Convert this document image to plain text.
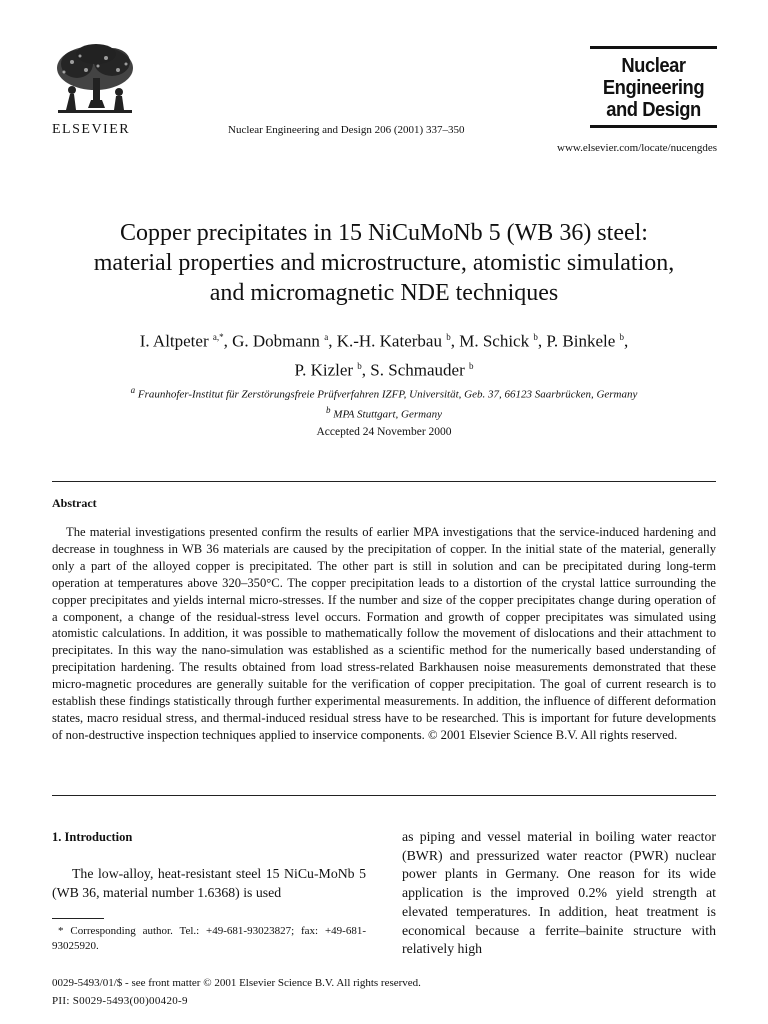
ELSEVIER	Nuclear Engineering and Design 206 (2001) 337–350
Nuclear
Engineering
and Design
www.elsevier.com/locate/nucengdes
Copper precipitates in 15 NiCuMoNb 5 (WB 36) steel:
material properties and microstructure, atomistic simulation,
and micromagnetic NDE techniques
I. Altpeter $^{a,*}$, G. Dobmann $^a$, K.-H. Katerbau $^b$, M. Schick $^b$, P. Binkele $^b$,
P. Kizler $^b$, S. Schmauder $^b$
$^a$ Fraunhofer-Institut für Zerstörungsfreie Prüfverfahren IZFP, Universität, Geb. 37, 66123 Saarbrücken, Germany
$^b$ MPA Stuttgart, Germany
Accepted 24 November 2000
Abstract

The material investigations presented confirm the results of earlier MPA investigations that the service-induced hardening and decrease in toughness in WB 36 materials are caused by the precipitation of copper. In the initial state of the material, generally only a part of the alloyed copper is precipitated. The other part is still in solution and can be precipitated during long-term operation at temperatures above 320–350°C. The copper precipitation leads to a distortion of the crystal lattice surrounding the copper precipitates and yields internal micro-stresses. If the number and size of the copper precipitates change during operation of a component, a change of the residual-stress level occurs. Formation and growth of copper precipitates was simulated using atomistic calculations. In addition, it was possible to mathematically follow the movement of dislocations and their attachment to precipitates. In this way the nano-simulation was established as a scientific method for the numerically based understanding of precipitation hardening. The results obtained from load stress-related Barkhausen noise measurements demonstrated that these micro-magnetic procedures are generally suitable for the verification of copper precipitation. The goal of current research is to establish these findings statistically through further experimental measurements. In addition, the influence of different deformation states, macro residual stress, and thermal-induced residual stress have to be researched. This is important for future developments of non-destructive inspection techniques applied to inservice components. © 2001 Elsevier Science B.V. All rights reserved.

1. Introduction
The low-alloy, heat-resistant steel 15 NiCu-MoNb 5 (WB 36, material number 1.6368) is used
as piping and vessel material in boiling water reactor (BWR) and pressurized water reactor (PWR) nuclear power plants in Germany. One reason for its wide application is the improved 0.2% yield strength at elevated temperatures. In addition, heat treatment is economical because a ferrite–bainite structure with relatively high
* Corresponding author. Tel.: +49-681-93023827; fax: +49-681-93025920.
0029-5493/01/$ - see front matter © 2001 Elsevier Science B.V. All rights reserved.
PII: S0029-5493(00)00420-9
